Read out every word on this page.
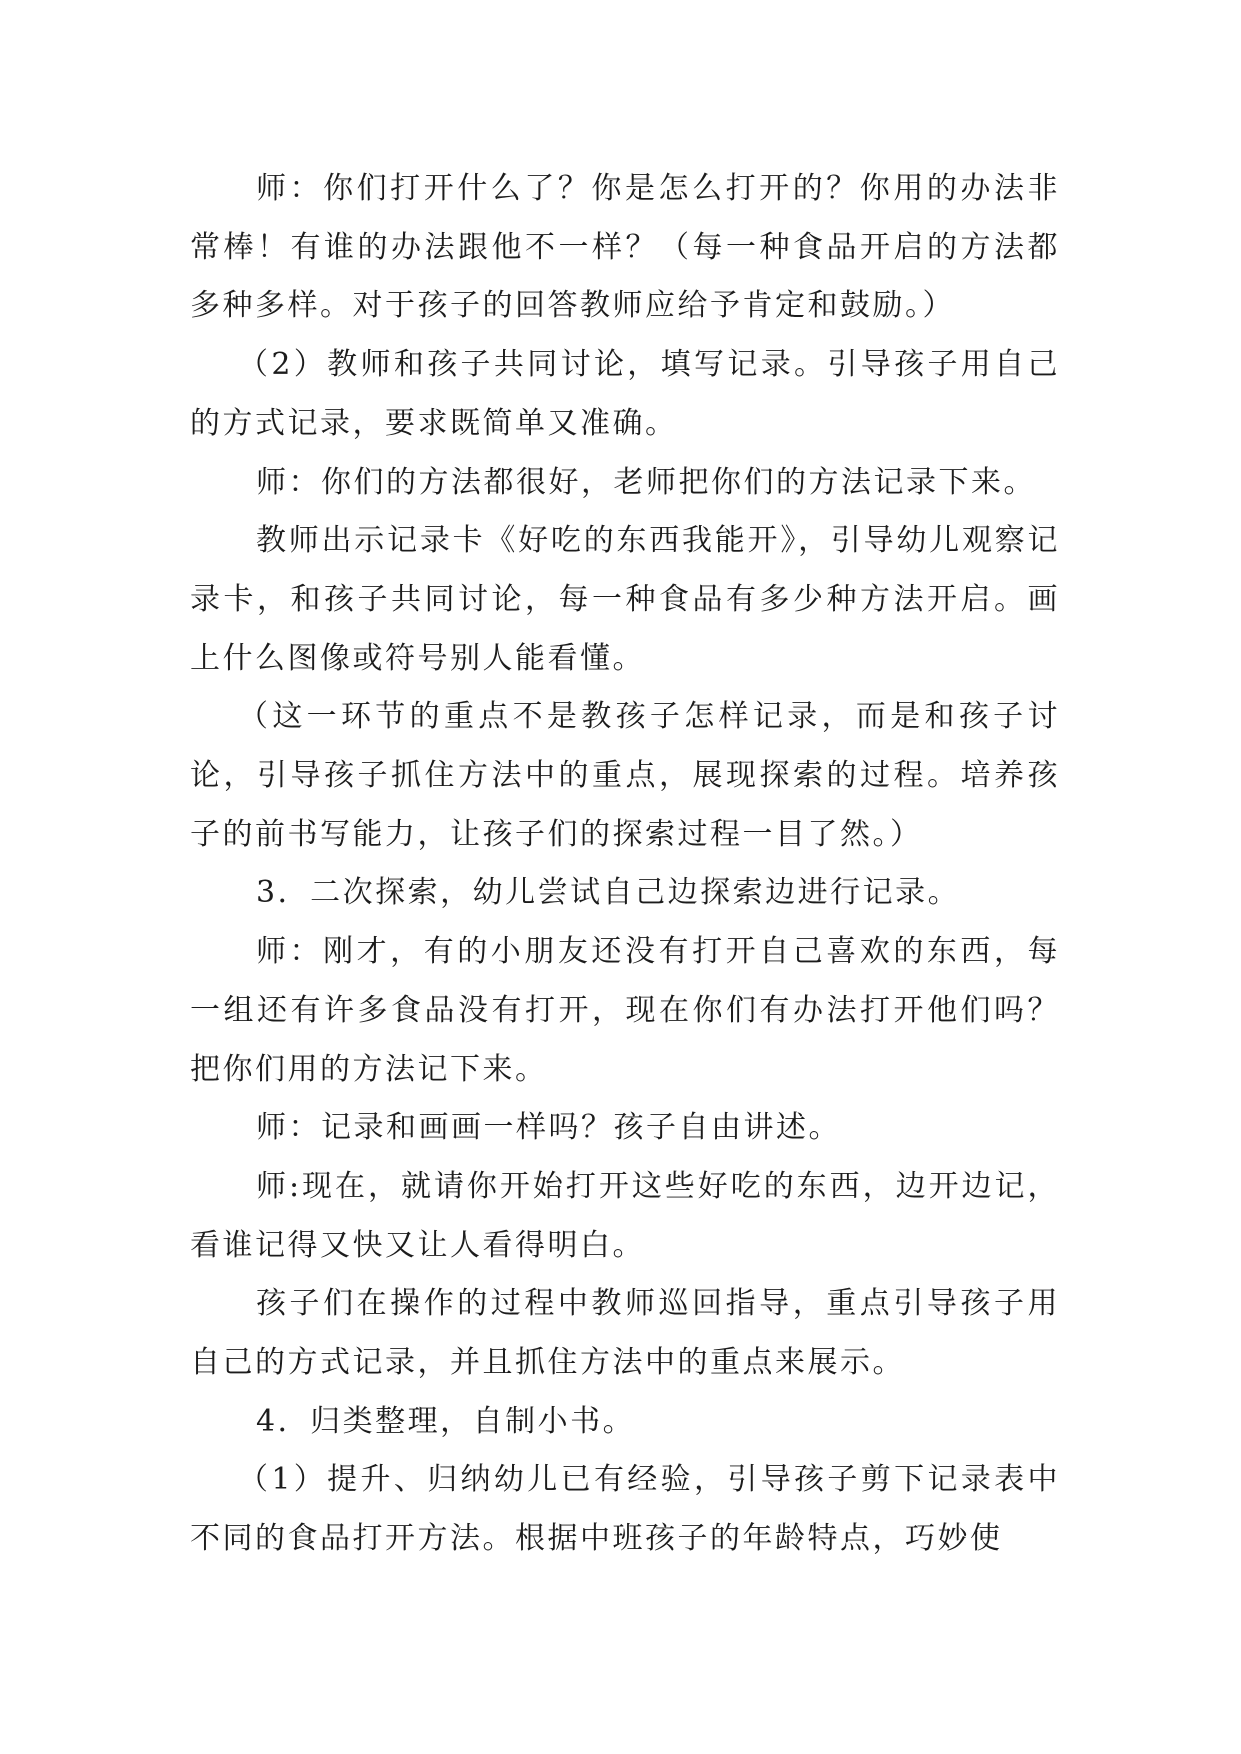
师：你们打开什么了？你是怎么打开的？你用的办法非常棒！有谁的办法跟他不一样？（每一种食品开启的方法都多种多样。对于孩子的回答教师应给予肯定和鼓励。）

（2）教师和孩子共同讨论，填写记录。引导孩子用自己的方式记录，要求既简单又准确。

师：你们的方法都很好，老师把你们的方法记录下来。

教师出示记录卡《好吃的东西我能开》，引导幼儿观察记录卡，和孩子共同讨论，每一种食品有多少种方法开启。画上什么图像或符号别人能看懂。

（这一环节的重点不是教孩子怎样记录，而是和孩子讨论，引导孩子抓住方法中的重点，展现探索的过程。培养孩子的前书写能力，让孩子们的探索过程一目了然。）

3．二次探索，幼儿尝试自己边探索边进行记录。

师：刚才，有的小朋友还没有打开自己喜欢的东西，每一组还有许多食品没有打开，现在你们有办法打开他们吗？把你们用的方法记下来。

师：记录和画画一样吗？孩子自由讲述。

师:现在，就请你开始打开这些好吃的东西，边开边记，看谁记得又快又让人看得明白。

孩子们在操作的过程中教师巡回指导，重点引导孩子用自己的方式记录，并且抓住方法中的重点来展示。

4．归类整理，自制小书。

（1）提升、归纳幼儿已有经验，引导孩子剪下记录表中不同的食品打开方法。根据中班孩子的年龄特点，巧妙使
